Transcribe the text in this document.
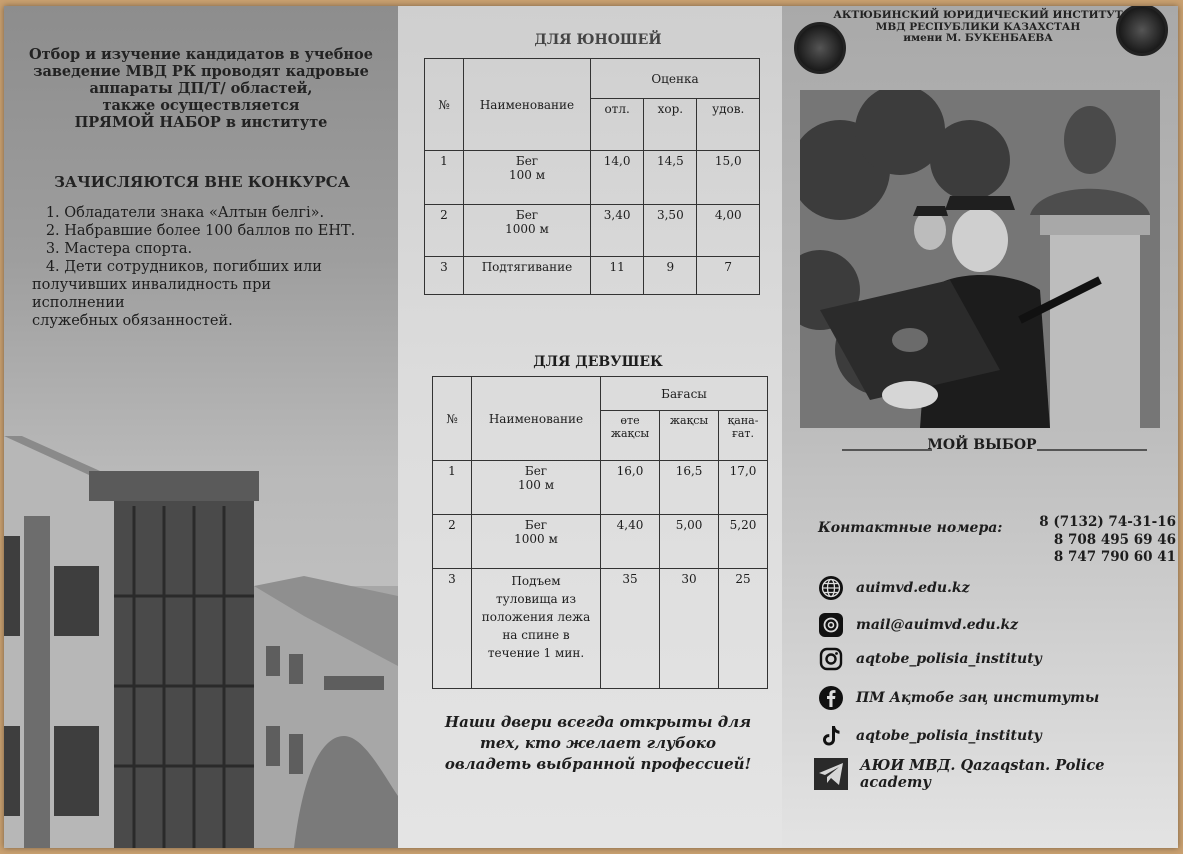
Отбор и изучение кандидатов в учебное
заведение МВД РК проводят кадровые
аппараты ДП/Т/ областей,
также осуществляется
ПРЯМОЙ НАБОР в институте
ЗАЧИСЛЯЮТСЯ ВНЕ КОНКУРСА
1. Обладатели знака «Алтын белгі».
2. Набравшие более 100 баллов по ЕНТ.
3. Мастера спорта.
4. Дети сотрудников, погибших или
получивших инвалидность при
исполнении
служебных обязанностей.
ДЛЯ ЮНОШЕЙ
№	Наименование	Оценка		
		отл.	хор.	удов.
1	Бег
100 м	14,0	14,5	15,0
2	Бег
1000 м	3,40	3,50	4,00
3	Подтягивание	11	9	7
ДЛЯ ДЕВУШЕК
№	Наименование	Бағасы		
		өте
жақсы	жақсы	қана-
ғат.
1	Бег
100 м	16,0	16,5	17,0
2	Бег
1000 м	4,40	5,00	5,20
3	Подъем
туловища из
положения лежа
на спине в
течение 1 мин.	35	30	25
Наши двери всегда открыты для тех, кто желает глубоко овладеть выбранной профессией!
АКТЮБИНСКИЙ ЮРИДИЧЕСКИЙ ИНСТИТУТ
МВД РЕСПУБЛИКИ КАЗАХСТАН
имени М. БУКЕНБАЕВА
МОЙ ВЫБОР
Контактные номера:	8 (7132) 74-31-16
8 708 495 69 46
8 747 790 60 41
auimvd.edu.kz
mail@auimvd.edu.kz
aqtobe_polisia_instituty
ПМ Ақтобе заң институты
aqtobe_polisia_instituty
АЮИ МВД. Qazaqstan. Police academy
